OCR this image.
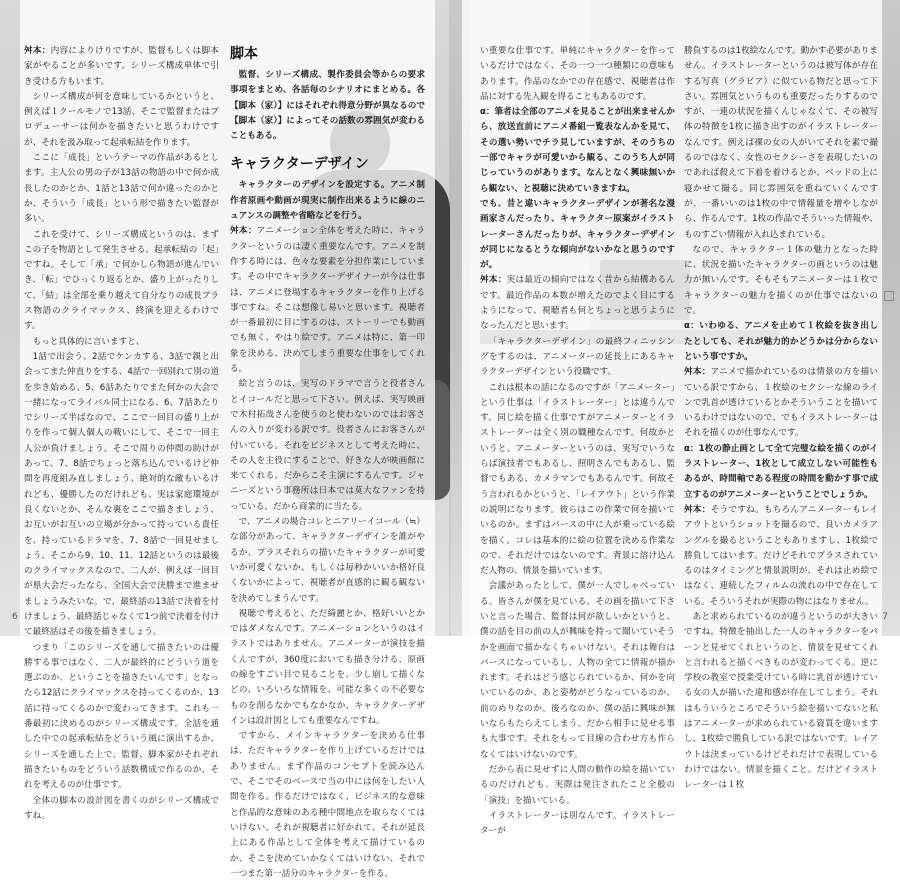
舛本：内容によりけりですが、監督もしくは脚本家がやることが多いです。シリーズ構成単体で引き受ける方もいます。

シリーズ構成が何を意味しているかというと、例えば１クールモノで13話、そこで監督またはプロデューサーは何かを描きたいと思うわけですが、それを汲み取って起承転結を作ります。

ここに「成長」というテーマの作品があるとします。主人公の男の子が13話の物語の中で何か成長したのかとか、1話と13話で何か違ったのかとか、そういう「成長」という形で描きたい監督が多い。

これを受けて、シリーズ構成というのは、まずこの子を物語として発生させる。起承転結の「起」ですね。そして「承」で何かしら物語が進んでいき、「転」でひっくり返るとか、盛り上がったりして、「結」は全部を乗り越えて自分なりの成長プラス物語のクライマックス、終演を迎えるわけです。

もっと具体的に言いますと、

1話で出会う、2話でケンカする、3話で親と出会ってまた仲直りをする、4話で一回別れて別の道を歩き始める、5、6話あたりでまた何かの大会で一緒になってライバル同士になる、6、7話あたりでシリーズ半ばなので、ここで一回目の盛り上がりを作って個人個人の戦いにして、そこで一回主人公が負けましょう。そこで周りの仲間の助けがあって、7、8話でちょっと落ち込んでいるけど仲間を再度組み直しましょう、絶対的な敵もいるけれども、優勝したのだけれども、実は家庭環境が良くないとか、そんな裏をここで描きましょう、お互いがお互いの立場が分かって持っている責任を、持っているドラマを、7、8話で一回見せましょう。そこから9、10、11、12話というのは最後のクライマックスなので、二人が、例えば一回目が県大会だったなら、全国大会で決勝まで進ませましょうみたいな。で、最終話の13話で決着を付けましょう、最終話じゃなくて1つ前で決着を付けて最終話はその後を描きましょう。

つまり「このシリーズを通して描きたいのは優勝する事ではなく、二人が最終的にどういう道を選ぶのか、ということを描きたいんです」となったら12話にクライマックスを持ってくるのか、13話に持ってくるのかで変わってきます。これも一番最初に決めるのがシリーズ構成です。全話を通した中での起承転結をどういう風に演出するか、シリーズを通した上で、監督、脚本家がそれぞれ描きたいものをどういう話数構成で作るのか、それを考えるのが仕事です。

全体の脚本の設計図を書くのがシリーズ構成ですね。

脚本

監督、シリーズ構成、製作委員会等からの要求事項をまとめ、各話毎のシナリオにまとめる。各【脚本（家）】にはそれぞれ得意分野が異なるので【脚本（家）】によってその話数の雰囲気が変わることもある。

キャラクターデザイン

キャラクターのデザインを設定する。アニメ制作者原画や動画が現実に制作出来るように線のニュアンスの調整や省略などを行う。

舛本：アニメーション全体を考えた時に、キャラクターというのは凄く重要なんです。アニメを制作する時には、色々な要素を分担作業にしています。その中でキャラクターデザイナーが今は仕事は、アニメに登場するキャラクターを作り上げる事ですね。そこは想像し易いと思います。視聴者が一番最初に目にするのは、ストーリーでも動画でも無く、やはり絵です。アニメは特に、第一印象を決める、決めてしまう重要な仕事をしてくれる。

絵と言うのは、実写のドラマで言うと役者さんとイコールだと思って下さい。例えば、実写映画で木村拓哉さんを使うのと使わないのではお客さんの入りが変わる訳です。役者さんにお客さんが付いている。それをビジネスとして考えた時に、その人を主役にすることで、好きな人が映画館に来てくれる。だからこそ主演にするんです。ジャニーズという事務所は日本では莫大なファンを持っている。だから商業的に当たる。

で、アニメの場合コレとニアリーイコール（≒）な部分があって、キャラクターデザインを誰がやるか、プラスそれらの描いたキャラクターが可愛いか可愛くないか、もしくは毎秒かいいか格好良くないかによって、視聴者が直感的に観る観ないを決めてしまうんです。

視聴で考えると、ただ綺麗とか、格好いいとかではダメなんです。アニメーションというのはイラストではありません。アニメーターが演技を描くんですが、360度においても描き分ける、原画の線をすごい目で見ることを、少し崩して描くなどの、いろいろな情報を、可能な多くの不必要なものを削るなかでもなかなか、キャラクターデザインは設計図としても重要なんですね。

ですから、メインキャラクターを決める仕事は、ただキャラクターを作り上げているだけではありません。まず作品のコンセプトを読み込んで、そこでそのベースで当の中には何をしたい人間を作る。作るだけではなく、ビジネス的な意味と作品的な意味のある種中間地点を取らなくてはいけない。それが視聴者に好かれて、それが延長上にある作品として全体を考えて描けているのか、そこを決めていかなくてはいけない、それで一つまた第一話分のキャラクターを作る。

い重要な仕事です。単純にキャラクターを作っているだけではなく、その一つ一つ種類にの意味もあります。作品のなかでの存在感で、視聴者は作品に対する先入観を得ることもあるのです。

α：筆者は全部のアニメを見ることが出来ませんから、放送直前にアニメ番組一覧表なんかを見て、その選い勢いでチラ見していますが、そのうちの一部でキャラが可愛いから観る、このうち人が同じっていうのがあります。なんとなく興味無いから観ない、と視聴に決めていきますね。

でも、昔と違いキャラクターデザインが著名な漫画家さんだったり、キャラクター原案がイラストレーターさんだったりが、キャラクターデザインが同じになるとうな傾向がないかなと思うのですが。

舛本：実は最近の傾向ではなく昔から結構あるんです。最近作品の本数が増えたのでよく目にするようになって、視聴者も何とちょっと思うようになったんだと思います。

「キャラクターデザイン」の最終フィニッシングをするのは、アニメーターの延長上にあるキャラクターデザインという役職です。

これは根本の話になるのですが「アニメーター」という仕事は「イラストレーター」とは違うんです。同じ絵を描く仕事ですがアニメーターとイラストレーターは全く別の職種なんです。何故かというと、アニメーターというのは、実写でいうならば演技者でもあるし、照明さんでもあるし、監督でもある、カメラマンでもあるんです。何故そう言われるかというと、「レイアウト」という作業の説明になります。彼らはこの作業で何を描いているのか。まずはパースの中に人が乗っている絵を描く。コレは基本的に絵の位置を決める作業なので、それだけではないのです。背景に溶け込んだ人物の、情景を描いています。

会議があったとして、僕が一人でしゃべっている。皆さんが僕を見ている。その画を描いて下さいと言った場合、監督は何が欲しいかというと、僕の話を目の前の人が興味を持って聞いていそうかを画面で描かなくちゃいけない。それは舞台はパースになっているし、人物の全てに情報が描かれます。それはどう感じられているか、何かを向いているのか、あと姿勢がどうなっているのか、前のめりなのか、後ろなのか、僕の話に興味が無いならもたらえてしまう。だから相手に見せる事も大事です。それをもって目線の合わせ方も作らなくてはいけないのです。

だから表に見せずに人間の動作の絵を描いているのだけれども、実際は発注されたこと全般の「演技」を描いている。

イラストレーターは別なんです。イラストレーターが

勝負するのは1枚絵なんです。動かす必要がありません。イラストレーターというのは被写体が存在する写真（グラビア）に似ている物だと思って下さい。雰囲気というものも重要だったりするのですが、一連の状況を描くんじゃなくて、その被写体の特徴を1枚に描き出すのがイラストレーターなんです。例えば裸の女の人がいてそれを素で撮るのではなく、女性のセクシーさを表現したいのであれば殺えて下着を着けるとか、ベッドの上に寝かせて撮る。同じ雰囲気を重ねていくんですが、一番いいのは1枚の中で情報量を増やしながら、作るんです。1枚の作品でそういった情報や、ものすごい情報が入れ込まれている。

なので、キャラクター１体の魅力となった時に、状況を描いたキャラクターの画というのは魅力が無いんです。そもそもアニメーターは１枚でキャラクターの魅力を描くのが仕事ではないので。

α：いわゆる、アニメを止めて１枚絵を抜き出したとしても、それが魅力的かどうかは分からないという事ですか。

舛本：アニメで描かれているのは情景の方を描いている訳ですから、１枚絵のセクシーな線のラインで乳首が透けているとかそういうことを描いているわけではないので、でもイラストレーターはそれを描くのが仕事なんです。

α：1枚の静止画として全て完璧な絵を描くのがイラストレーター、1枚として成立しない可能性もあるが、時間軸である程度の時間を動かす事で成立するのがアニメーターということでしょうか。

舛本：そうですね。もちろんアニメーターもレイアウトというショットを撮るので、良いカメラアングルを撮るということもありますし、1枚絵で勝負してはいます。だけどそれでプラスされているのはタイミングと情景説明が、それは止め絵ではなく、連続したフィルムの流れの中で存在している。そういうそれが実際の物にはなりません。

あと求められているのが違うというのが大きいですね。特徴を抽出した一人のキャラクターをパーンと見せてくれというのと、情景を見せてくれと言われると描くべきものが変わってくる。逆に学校の教室で授業受けている時に乳首が透けている女の人が描いた違和感が存在してしまう。それはもういうところでそういう絵を描いてないと私はアニメーターが求められている資質を違いますし、1枚絵で勝負している訳ではないです。レイアウトは決まっているけどそれだけで表現しているわけではない。情景を描くこと。だけどイラストレーターは１枚

6	7
